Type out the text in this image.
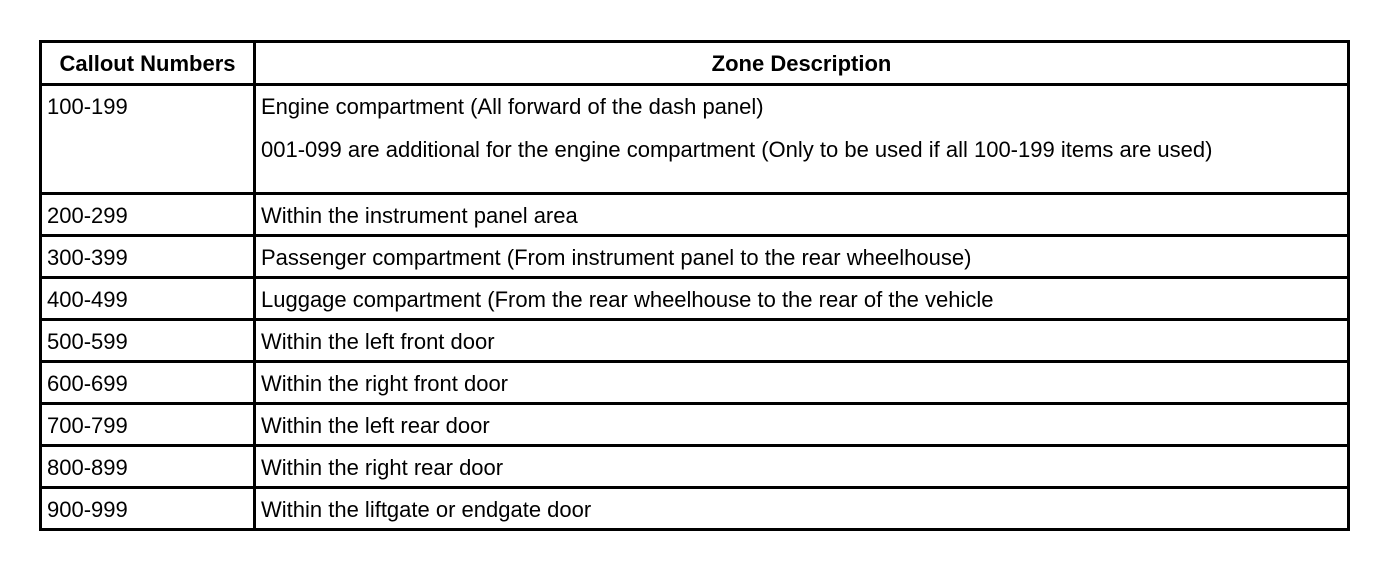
Callout Numbers	Zone Description
100-199	Engine compartment (All forward of the dash panel)
001-099 are additional for the engine compartment (Only to be used if all 100-199 items are used)

200-299	Within the instrument panel area
300-399	Passenger compartment (From instrument panel to the rear wheelhouse)
400-499	Luggage compartment (From the rear wheelhouse to the rear of the vehicle
500-599	Within the left front door
600-699	Within the right front door
700-799	Within the left rear door
800-899	Within the right rear door
900-999	Within the liftgate or endgate door
